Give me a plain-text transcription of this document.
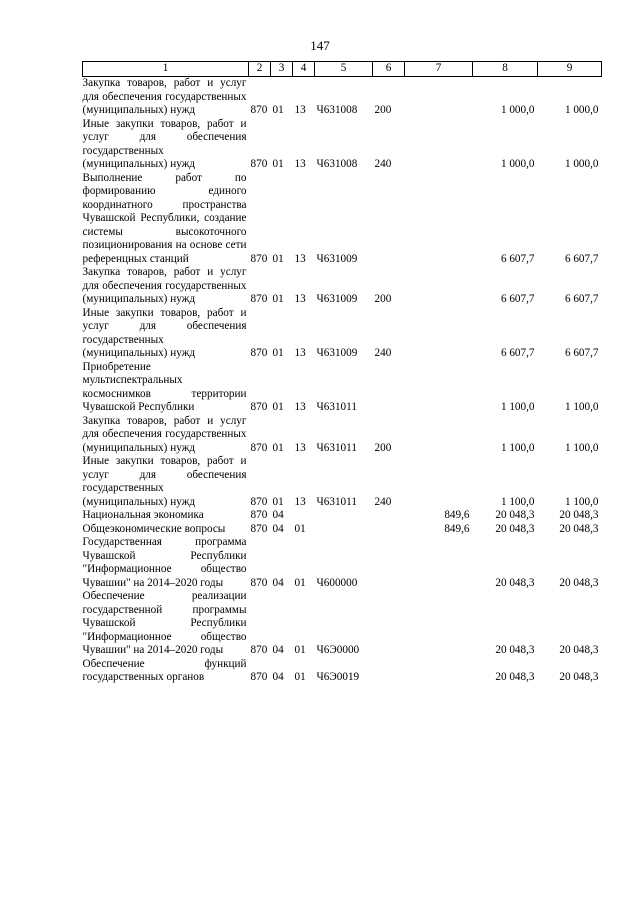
147
1	2	3	4	5	6	7	8	9
Закупка товаров, работ и услуг для обеспечения государственных (муниципальных) нужд	870	01	13	Ч631008	200		1 000,0	1 000,0
Иные закупки товаров, работ и услуг для обеспечения государственных (муниципальных) нужд	870	01	13	Ч631008	240		1 000,0	1 000,0
Выполнение работ по формированию единого координатного пространства Чувашской Республики, создание системы высокоточного позиционирования на основе сети референцных станций	870	01	13	Ч631009			6 607,7	6 607,7
Закупка товаров, работ и услуг для обеспечения государственных (муниципальных) нужд	870	01	13	Ч631009	200		6 607,7	6 607,7
Иные закупки товаров, работ и услуг для обеспечения государственных (муниципальных) нужд	870	01	13	Ч631009	240		6 607,7	6 607,7
Приобретение мультиспектральных космоснимков территории Чувашской Республики	870	01	13	Ч631011			1 100,0	1 100,0
Закупка товаров, работ и услуг для обеспечения государственных (муниципальных) нужд	870	01	13	Ч631011	200		1 100,0	1 100,0
Иные закупки товаров, работ и услуг для обеспечения государственных (муниципальных) нужд	870	01	13	Ч631011	240		1 100,0	1 100,0
Национальная экономика	870	04				849,6	20 048,3	20 048,3
Общеэкономические вопросы	870	04	01			849,6	20 048,3	20 048,3
Государственная программа Чувашской Республики "Информационное общество Чувашии" на 2014–2020 годы	870	04	01	Ч600000			20 048,3	20 048,3
Обеспечение реализации государственной программы Чувашской Республики "Информационное общество Чувашии" на 2014–2020 годы	870	04	01	Ч6Э0000			20 048,3	20 048,3
Обеспечение функций государственных органов	870	04	01	Ч6Э0019			20 048,3	20 048,3
